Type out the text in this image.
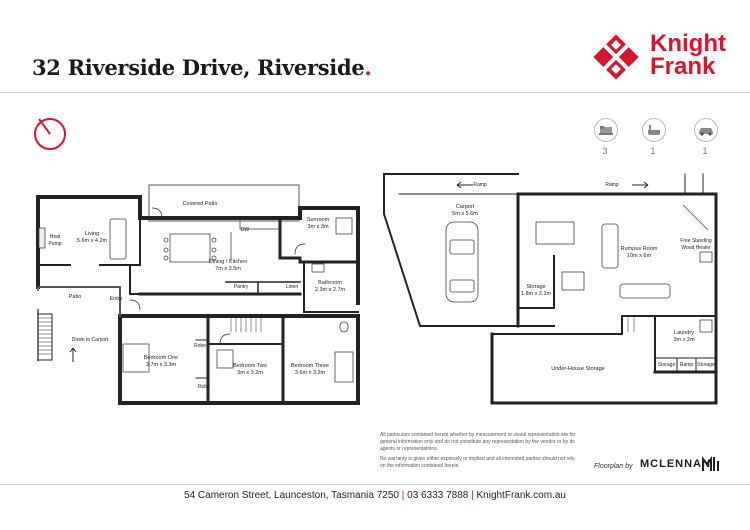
32 Riverside Drive, Riverside.
Knight
Frank
3	1	1
Covered Patio
Sunroom
3m x 3m
Living
5.6m x 4.2m
Heat Pump
Dining / Kitchen
7m x 3.5m
DW
Pantry	Linen
Bathroom
2.3m x 2.7m
Patio	Entry
Down to Carport
Bedroom One
3.7m x 3.3m
Robe
Robe
Bedroom Two
3m x 3.2m
Bedroom Three
3.6m x 3.2m
Ramp	Ramp
Carport
5m x 5.6m
Rumpus Room
10m x 6m
Free Standing Wood Heater
Storage
1.8m x 2.2m
Laundry
3m x 2m
Under-House Storage
Storage Ramp Storage

All particulars contained herein whether by measurement or visual representation are for general information only and do not constitute any representation by the vendor or by its agents or representations.

No warranty is given either expressly or implied and all interested parties should not rely on the information contained herein.	Floorplan by MCLENNAN
54 Cameron Street, Launceston, Tasmania 7250 | 03 6333 7888 | KnightFrank.com.au
